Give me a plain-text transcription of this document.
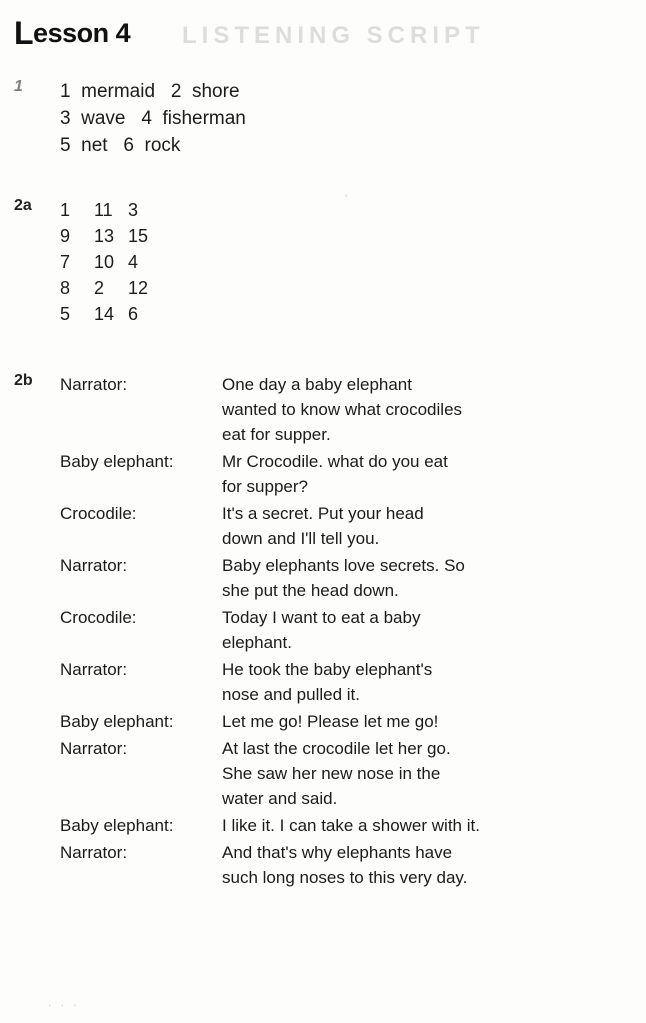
Lesson 4 LISTENING SCRIPT
1	1  mermaid   2  shore
3  wave   4  fisherman
5  net   6  rock
2a	1 11 3
9 13 15
7 10 4
8 2 12
5 14 6
2b	Narrator:	One day a baby elephant
wanted to know what crocodiles
eat for supper.

Baby elephant:	Mr Crocodile. what do you eat
for supper?

Crocodile:	It's a secret. Put your head
down and I'll tell you.

Narrator:	Baby elephants love secrets. So
she put the head down.

Crocodile:	Today I want to eat a baby
elephant.

Narrator:	He took the baby elephant's
nose and pulled it.

Baby elephant:	Let me go! Please let me go!

Narrator:	At last the crocodile let her go.
She saw her new nose in the
water and said.

Baby elephant:	I like it. I can take a shower with it.

Narrator:	And that's why elephants have
such long noses to this very day.
'
. . .
